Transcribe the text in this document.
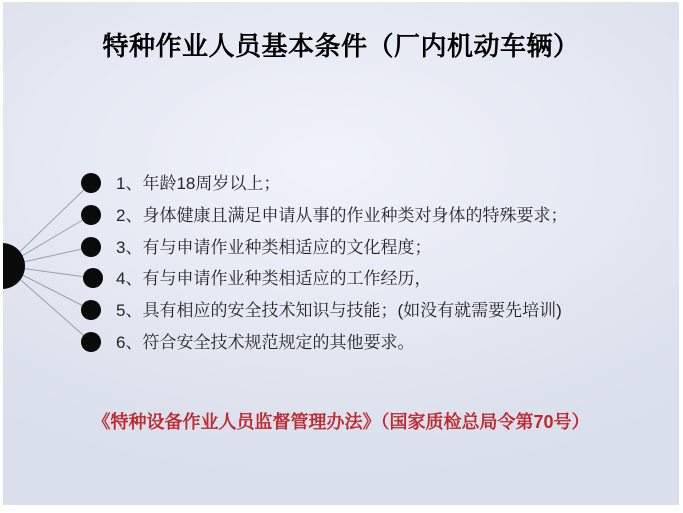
特种作业人员基本条件（厂内机动车辆）
1、年龄18周岁以上；
2、身体健康且满足申请从事的作业种类对身体的特殊要求；
3、有与申请作业种类相适应的文化程度；
4、有与申请作业种类相适应的工作经历，
5、具有相应的安全技术知识与技能；(如没有就需要先培训)
6、符合安全技术规范规定的其他要求。
《特种设备作业人员监督管理办法》（国家质检总局令第70号）
